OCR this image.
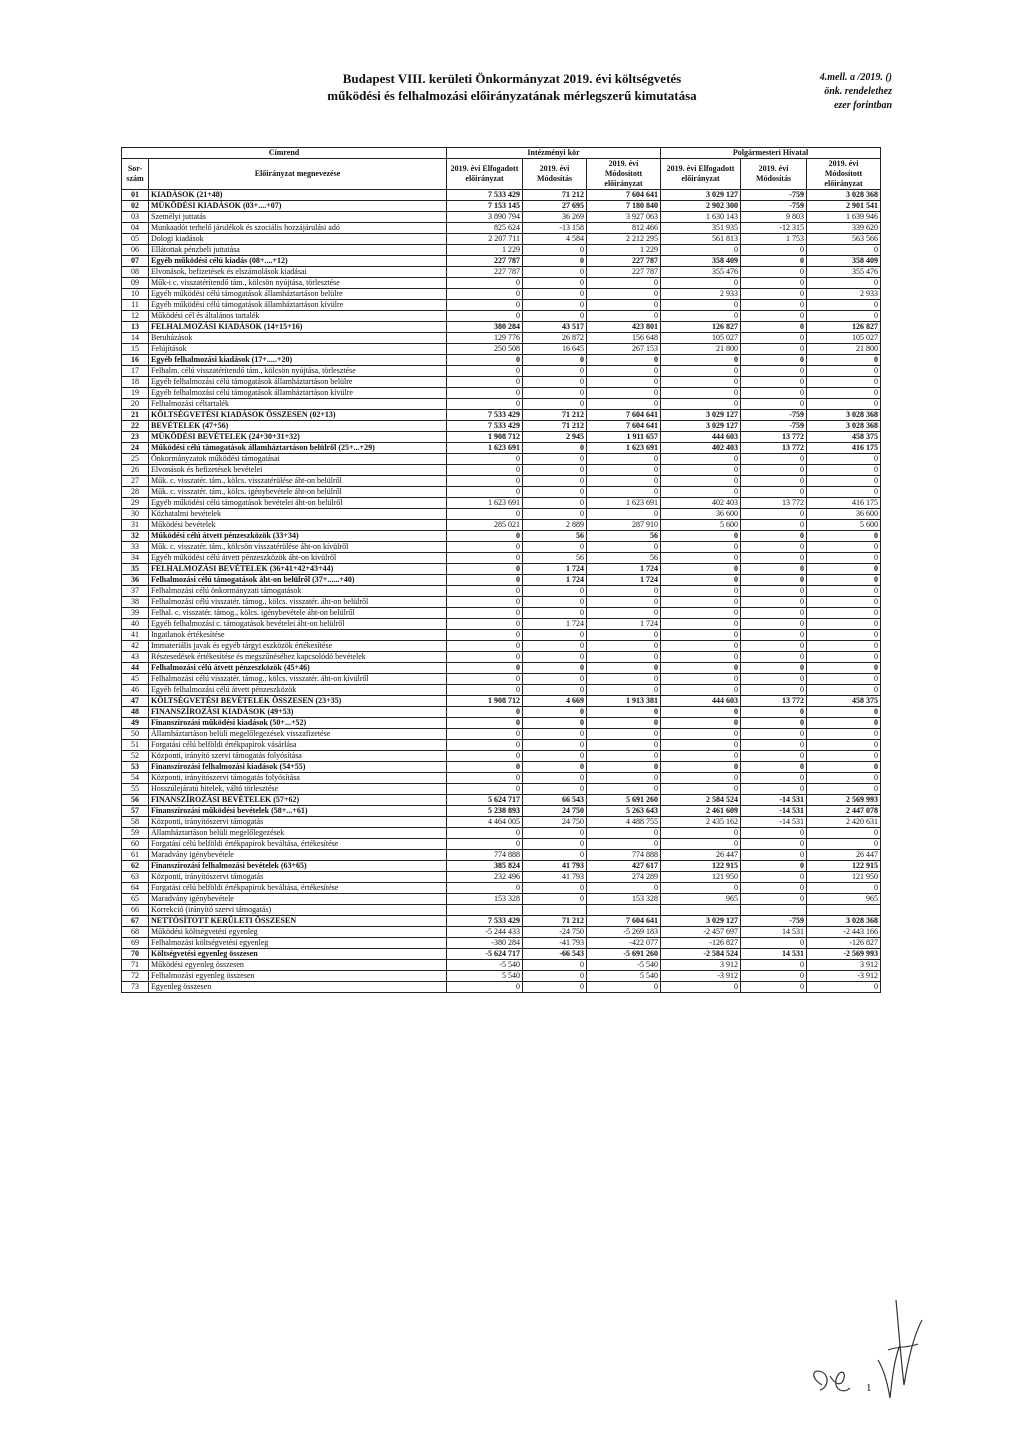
Budapest VIII. kerületi Önkormányzat 2019. évi költségvetés
működési és felhalmozási előirányzatának mérlegszerű kimutatása
4.mell. a /2019. ()
önk. rendelethez
ezer forintban
Címrend		Intézményi kör			Polgármesteri Hivatal		
Sor-szám	Előirányzat megnevezése	2019. évi Elfogadott előirányzat	2019. évi Módosítás	2019. évi Módosított előirányzat	2019. évi Elfogadott előirányzat	2019. évi Módosítás	2019. évi Módosított előirányzat
01	KIADÁSOK (21+48)	7 533 429	71 212	7 604 641	3 029 127	-759	3 028 368
02	MŰKÖDÉSI KIADÁSOK (03+....+07)	7 153 145	27 695	7 180 840	2 902 300	-759	2 901 541
03	Személyi juttatás	3 890 794	36 269	3 927 063	1 630 143	9 803	1 639 946
04	Munkaadót terhelő járulékok és szociális hozzájárulási adó	825 624	-13 158	812 466	351 935	-12 315	339 620
05	Dologi kiadások	2 207 711	4 584	2 212 295	561 813	1 753	563 566
06	Ellátottak pénzbeli juttatása	1 229	0	1 229	0	0	0
07	Egyéb működési célú kiadás (08+....+12)	227 787	0	227 787	358 409	0	358 409
08	Elvonások, befizetések és elszámolások kiadásai	227 787	0	227 787	355 476	0	355 476
09	Műk-i c. visszatérítendő tám., kölcsön nyújtása, törlesztése	0	0	0	0	0	0
10	Egyéb működési célú támogatások államháztartáson belülre	0	0	0	2 933	0	2 933
11	Egyéb működési célú támogatások államháztartáson kívülre	0	0	0	0	0	0
12	Működési cél és általános tartalék	0	0	0	0	0	0
13	FELHALMOZÁSI KIADÁSOK (14+15+16)	380 284	43 517	423 801	126 827	0	126 827
14	Beruházások	129 776	26 872	156 648	105 027	0	105 027
15	Felújítások	250 508	16 645	267 153	21 800	0	21 800
16	Egyéb felhalmozási kiadások (17+.....+20)	0	0	0	0	0	0
17	Felhalm. célú visszatérítendő tám., kölcsön nyújtása, törlesztése	0	0	0	0	0	0
18	Egyéb felhalmozási célú támogatások államháztartáson belülre	0	0	0	0	0	0
19	Egyéb felhalmozási célú támogatások államháztartáson kívülre	0	0	0	0	0	0
20	Felhalmozási céltartalék	0	0	0	0	0	0
21	KÖLTSÉGVETÉSI KIADÁSOK ÖSSZESEN (02+13)	7 533 429	71 212	7 604 641	3 029 127	-759	3 028 368
22	BEVÉTELEK (47+56)	7 533 429	71 212	7 604 641	3 029 127	-759	3 028 368
23	MŰKÖDÉSI BEVÉTELEK (24+30+31+32)	1 908 712	2 945	1 911 657	444 603	13 772	458 375
24	Működési célú támogatások államháztartáson belülről (25+...+29)	1 623 691	0	1 623 691	402 403	13 772	416 175
25	Önkormányzatok működési támogatásai	0	0	0	0	0	0
26	Elvonások és befizetések bevételei	0	0	0	0	0	0
27	Műk. c. visszatér. tám., kölcs. visszatérülése áht-on belülről	0	0	0	0	0	0
28	Műk. c. visszatér. tám., kölcs. igénybevétele áht-on belülről	0	0	0	0	0	0
29	Egyéb működési célú támogatások bevételei áht-on belülről	1 623 691	0	1 623 691	402 403	13 772	416 175
30	Közhatalmi bevételek	0	0	0	36 600	0	36 600
31	Működési bevételek	285 021	2 889	287 910	5 600	0	5 600
32	Működési célú átvett pénzeszközök (33+34)	0	56	56	0	0	0
33	Műk. c. visszatér. tám., kölcsön visszatérülése áht-on kívülről	0	0	0	0	0	0
34	Egyéb működési célú átvett pénzeszközök áht-on kívülről	0	56	56	0	0	0
35	FELHALMOZÁSI BEVÉTELEK (36+41+42+43+44)	0	1 724	1 724	0	0	0
36	Felhalmozási célú támogatások áht-on belülről (37+......+40)	0	1 724	1 724	0	0	0
37	Felhalmozási célú önkormányzati támogatások	0	0	0	0	0	0
38	Felhalmozási célú visszatér. támog., kölcs. visszatér. áht-on belülről	0	0	0	0	0	0
39	Felhal. c. visszatér. támog., kölcs. igénybevétele áht-on belülről	0	0	0	0	0	0
40	Egyéb felhalmozási c. támogatások bevételei áht-on belülről	0	1 724	1 724	0	0	0
41	Ingatlanok értékesítése	0	0	0	0	0	0
42	Immateriális javak és egyéb tárgyi eszközök értékesítése	0	0	0	0	0	0
43	Részesedések értékesítése és megszűnéséhez kapcsolódó bevételek	0	0	0	0	0	0
44	Felhalmozási célú átvett pénzeszközök (45+46)	0	0	0	0	0	0
45	Felhalmozási célú visszatér. támog., kölcs. visszatér. áht-on kívülről	0	0	0	0	0	0
46	Egyéb felhalmozási célú átvett pénzeszközök	0	0	0	0	0	0
47	KÖLTSÉGVETÉSI BEVÉTELEK ÖSSZESEN (23+35)	1 908 712	4 669	1 913 381	444 603	13 772	458 375
48	FINANSZÍROZÁSI KIADÁSOK (49+53)	0	0	0	0	0	0
49	Finanszírozási működési kiadások (50+...+52)	0	0	0	0	0	0
50	Államháztartáson belüli megelőlegezések visszafizetése	0	0	0	0	0	0
51	Forgatási célú belföldi értékpapírok vásárlása	0	0	0	0	0	0
52	Központi, irányító szervi támogatás folyósítása	0	0	0	0	0	0
53	Finanszírozási felhalmozási kiadások (54+55)	0	0	0	0	0	0
54	Központi, irányítószervi támogatás folyósítása	0	0	0	0	0	0
55	Hosszúlejáratú hitelek, váltó törlesztése	0	0	0	0	0	0
56	FINANSZÍROZÁSI BEVÉTELEK (57+62)	5 624 717	66 543	5 691 260	2 584 524	-14 531	2 569 993
57	Finanszírozási működési bevételek (58+...+61)	5 238 893	24 750	5 263 643	2 461 609	-14 531	2 447 078
58	Központi, irányítószervi támogatás	4 464 005	24 750	4 488 755	2 435 162	-14 531	2 420 631
59	Államháztartáson belüli megelőlegezések	0	0	0	0	0	0
60	Forgatási célú belföldi értékpapírok beváltása, értékesítése	0	0	0	0	0	0
61	Maradvány igénybevétele	774 888	0	774 888	26 447	0	26 447
62	Finanszírozási felhalmozási bevételek (63+65)	385 824	41 793	427 617	122 915	0	122 915
63	Központi, irányítószervi támogatás	232 496	41 793	274 289	121 950	0	121 950
64	Forgatási célú belföldi értékpapírok beváltása, értékesítése	0	0	0	0	0	0
65	Maradvány igénybevétele	153 328	0	153 328	965	0	965
66	Korrekció (irányító szervi támogatás)						
67	NETTÓSÍTOTT KERÜLETI ÖSSZESEN	7 533 429	71 212	7 604 641	3 029 127	-759	3 028 368
68	Működési költségvetési egyenleg	-5 244 433	-24 750	-5 269 183	-2 457 697	14 531	-2 443 166
69	Felhalmozási költségvetési egyenleg	-380 284	-41 793	-422 077	-126 827	0	-126 827
70	Költségvetési egyenleg összesen	-5 624 717	-66 543	-5 691 260	-2 584 524	14 531	-2 569 993
71	Működési egyenleg összesen	-5 540	0	-5 540	3 912	0	3 912
72	Felhalmozási egyenleg összesen	5 540	0	5 540	-3 912	0	-3 912
73	Egyenleg összesen	0	0	0	0	0	0
1
